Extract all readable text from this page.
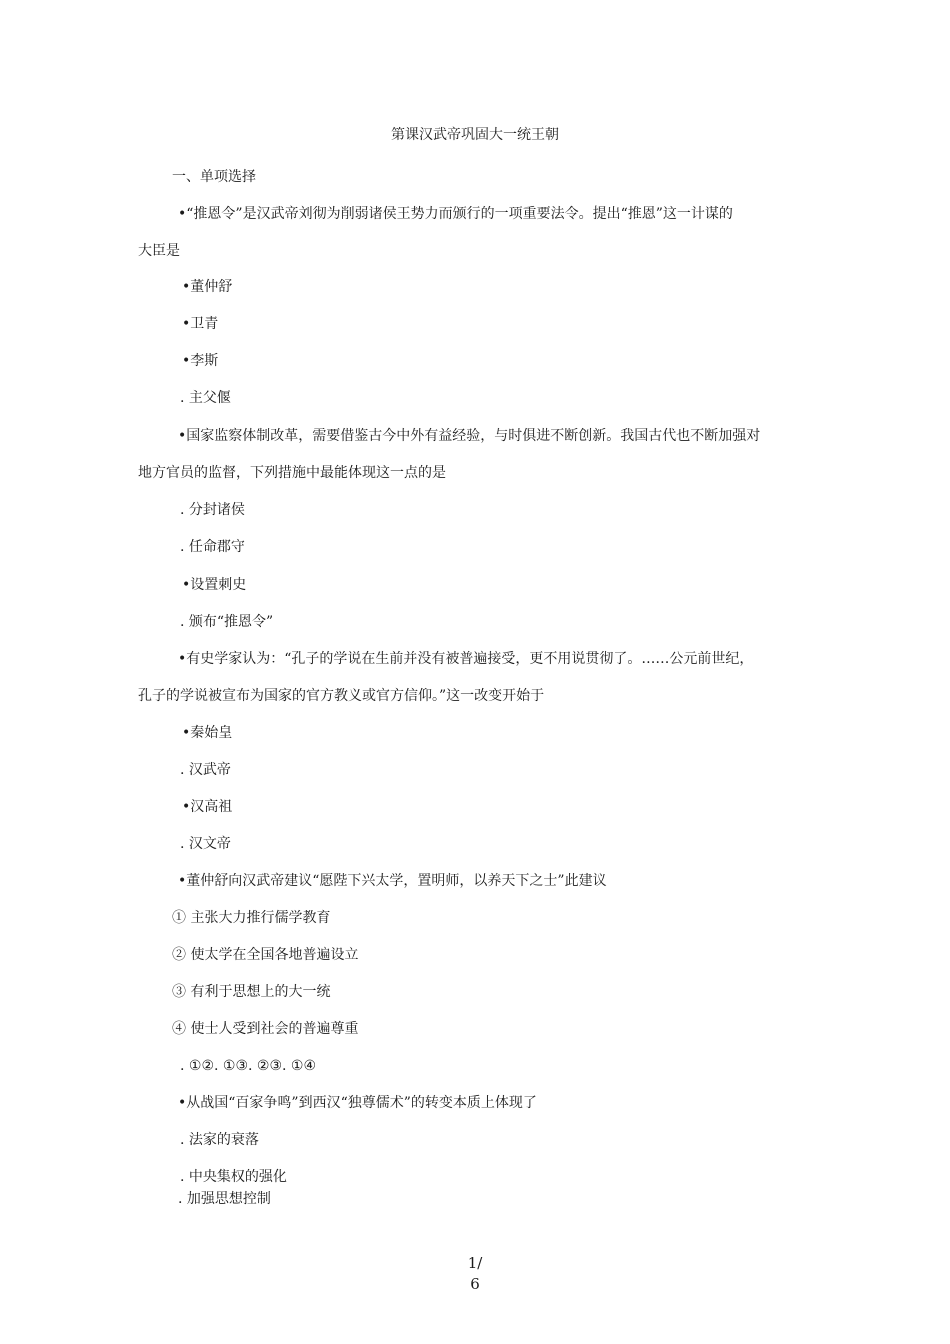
第课汉武帝巩固大一统王朝
一、单项选择
•“推恩令”是汉武帝刘彻为削弱诸侯王势力而颁行的一项重要法令。提出“推恩”这一计谋的
大臣是
•董仲舒
•卫青
•李斯
. 主父偃
•国家监察体制改革，需要借鉴古今中外有益经验，与时俱进不断创新。我国古代也不断加强对
地方官员的监督，下列措施中最能体现这一点的是
. 分封诸侯
. 任命郡守
•设置刺史
. 颁布“推恩令”
•有史学家认为：“孔子的学说在生前并没有被普遍接受，更不用说贯彻了。……公元前世纪，
孔子的学说被宣布为国家的官方教义或官方信仰。”这一改变开始于
•秦始皇
. 汉武帝
•汉高祖
. 汉文帝
•董仲舒向汉武帝建议“愿陛下兴太学，置明师，以养天下之士”此建议
① 主张大力推行儒学教育
② 使太学在全国各地普遍设立
③ 有利于思想上的大一统
④ 使士人受到社会的普遍尊重
. ①②. ①③. ②③. ①④
•从战国“百家争鸣”到西汉“独尊儒术”的转变本质上体现了
. 法家的衰落
. 中央集权的强化
. 加强思想控制
1/
6
